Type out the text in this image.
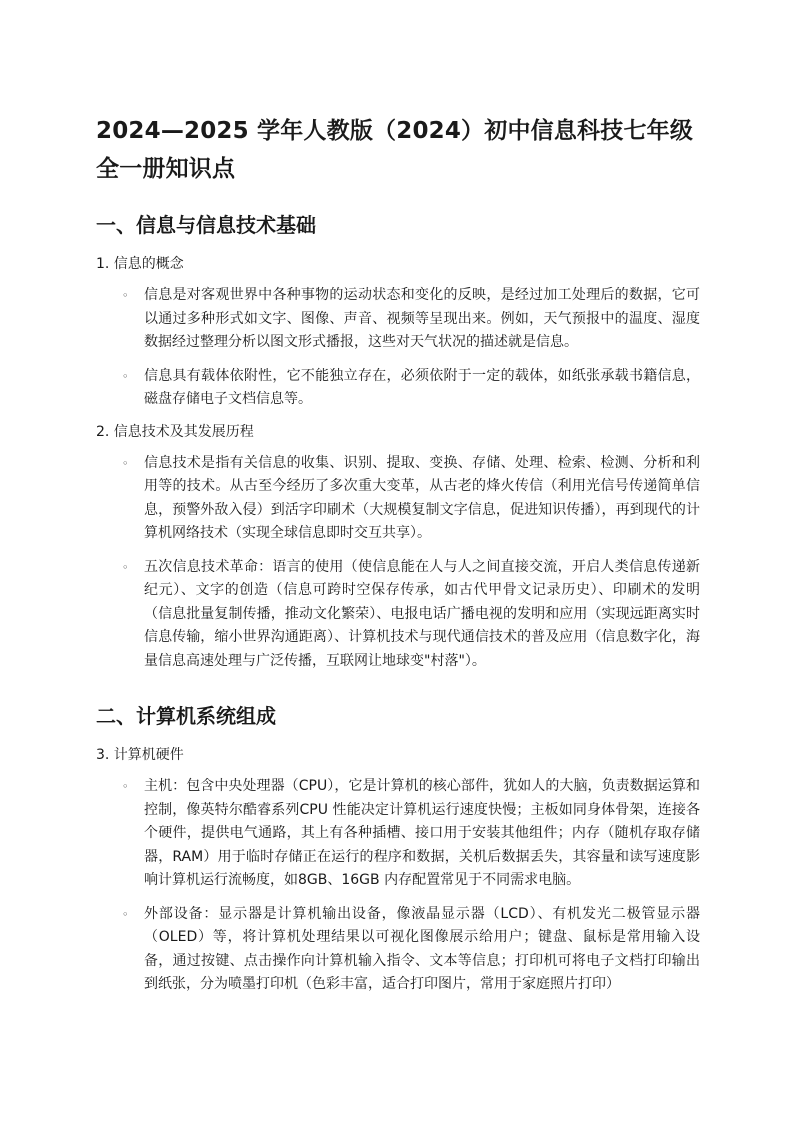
2024—2025 学年人教版（2024）初中信息科技七年级全一册知识点
一、信息与信息技术基础
1. 信息的概念
◦ 信息是对客观世界中各种事物的运动状态和变化的反映，是经过加工处理后的数据，它可以通过多种形式如文字、图像、声音、视频等呈现出来。例如，天气预报中的温度、湿度数据经过整理分析以图文形式播报，这些对天气状况的描述就是信息。
◦ 信息具有载体依附性，它不能独立存在，必须依附于一定的载体，如纸张承载书籍信息，磁盘存储电子文档信息等。
2. 信息技术及其发展历程
◦ 信息技术是指有关信息的收集、识别、提取、变换、存储、处理、检索、检测、分析和利用等的技术。从古至今经历了多次重大变革，从古老的烽火传信（利用光信号传递简单信息，预警外敌入侵）到活字印刷术（大规模复制文字信息，促进知识传播），再到现代的计算机网络技术（实现全球信息即时交互共享）。
◦ 五次信息技术革命：语言的使用（使信息能在人与人之间直接交流，开启人类信息传递新纪元）、文字的创造（信息可跨时空保存传承，如古代甲骨文记录历史）、印刷术的发明（信息批量复制传播，推动文化繁荣）、电报电话广播电视的发明和应用（实现远距离实时信息传输，缩小世界沟通距离）、计算机技术与现代通信技术的普及应用（信息数字化，海量信息高速处理与广泛传播，互联网让地球变"村落"）。
二、计算机系统组成
3. 计算机硬件
◦ 主机：包含中央处理器（CPU），它是计算机的核心部件，犹如人的大脑，负责数据运算和控制，像英特尔酷睿系列CPU 性能决定计算机运行速度快慢；主板如同身体骨架，连接各个硬件，提供电气通路，其上有各种插槽、接口用于安装其他组件；内存（随机存取存储器，RAM）用于临时存储正在运行的程序和数据，关机后数据丢失，其容量和读写速度影响计算机运行流畅度，如8GB、16GB 内存配置常见于不同需求电脑。
◦ 外部设备：显示器是计算机输出设备，像液晶显示器（LCD）、有机发光二极管显示器（OLED）等，将计算机处理结果以可视化图像展示给用户；键盘、鼠标是常用输入设备，通过按键、点击操作向计算机输入指令、文本等信息；打印机可将电子文档打印输出到纸张，分为喷墨打印机（色彩丰富，适合打印图片，常用于家庭照片打印）
